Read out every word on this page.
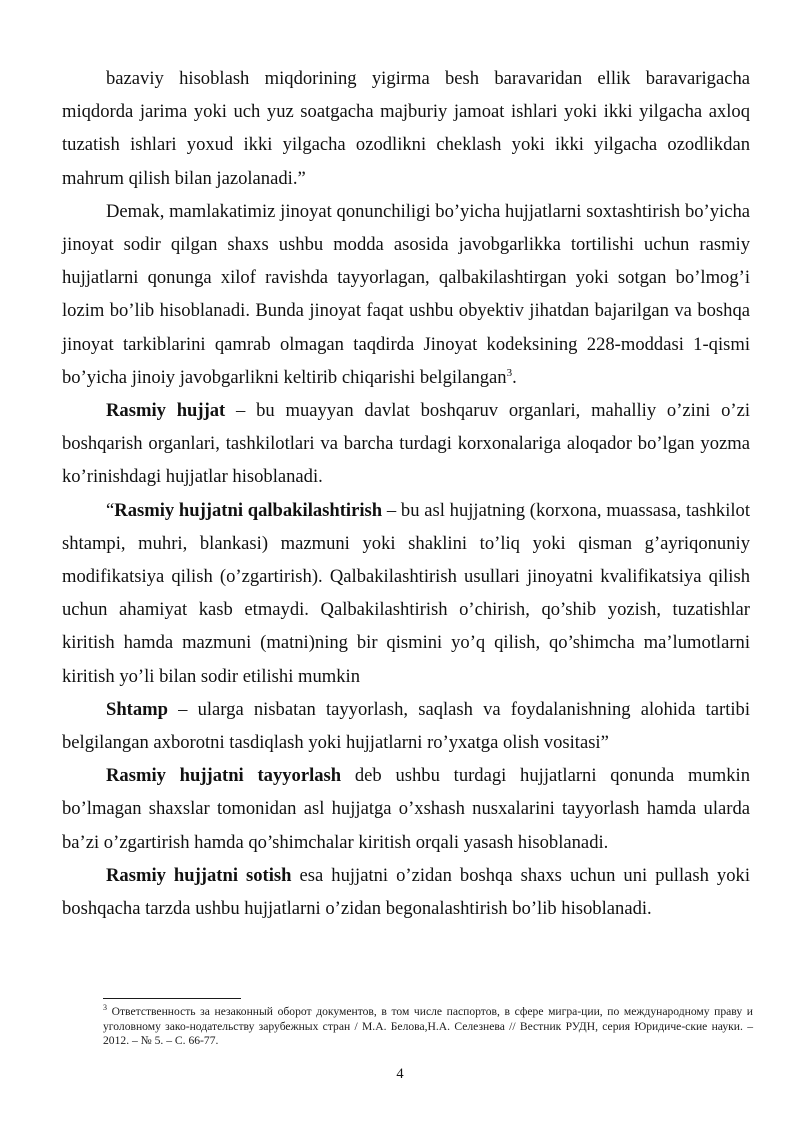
bazaviy hisoblash miqdorining yigirma besh baravaridan ellik baravarigacha miqdorda jarima yoki uch yuz soatgacha majburiy jamoat ishlari yoki ikki yilgacha axloq tuzatish ishlari yoxud ikki yilgacha ozodlikni cheklash yoki ikki yilgacha ozodlikdan mahrum qilish bilan jazolanadi.”

Demak, mamlakatimiz jinoyat qonunchiligi bo’yicha hujjatlarni soxtashtirish bo’yicha jinoyat sodir qilgan shaxs ushbu modda asosida javobgarlikka tortilishi uchun rasmiy hujjatlarni qonunga xilof ravishda tayyorlagan, qalbakilashtirgan yoki sotgan bo’lmog’i lozim bo’lib hisoblanadi. Bunda jinoyat faqat ushbu obyektiv jihatdan bajarilgan va boshqa jinoyat tarkiblarini qamrab olmagan taqdirda Jinoyat kodeksining 228-moddasi 1-qismi bo’yicha jinoiy javobgarlikni keltirib chiqarishi belgilangan$^3$.

Rasmiy hujjat – bu muayyan davlat boshqaruv organlari, mahalliy o’zini o’zi boshqarish organlari, tashkilotlari va barcha turdagi korxonalariga aloqador bo’lgan yozma ko’rinishdagi hujjatlar hisoblanadi.

“Rasmiy hujjatni qalbakilashtirish – bu asl hujjatning (korxona, muassasa, tashkilot shtampi, muhri, blankasi) mazmuni yoki shaklini to’liq yoki qisman g’ayriqonuniy modifikatsiya qilish (o’zgartirish). Qalbakilashtirish usullari jinoyatni kvalifikatsiya qilish uchun ahamiyat kasb etmaydi. Qalbakilashtirish o’chirish, qo’shib yozish, tuzatishlar kiritish hamda mazmuni (matni)ning bir qismini yo’q qilish, qo’shimcha ma’lumotlarni kiritish yo’li bilan sodir etilishi mumkin

Shtamp – ularga nisbatan tayyorlash, saqlash va foydalanishning alohida tartibi belgilangan axborotni tasdiqlash yoki hujjatlarni ro’yxatga olish vositasi”

Rasmiy hujjatni tayyorlash deb ushbu turdagi hujjatlarni qonunda mumkin bo’lmagan shaxslar tomonidan asl hujjatga o’xshash nusxalarini tayyorlash hamda ularda ba’zi o’zgartirish hamda qo’shimchalar kiritish orqali yasash hisoblanadi.

Rasmiy hujjatni sotish esa hujjatni o’zidan boshqa shaxs uchun uni pullash yoki boshqacha tarzda ushbu hujjatlarni o’zidan begonalashtirish bo’lib hisoblanadi.

$^3$ Ответственность за незаконный оборот документов, в том числе паспортов, в сфере мигра-ции, по международному праву и уголовному зако-нодательству зарубежных стран / М.А. Белова,Н.А. Селезнева // Вестник РУДН, серия Юридиче-ские науки. – 2012. – № 5. – С. 66-77.

4
